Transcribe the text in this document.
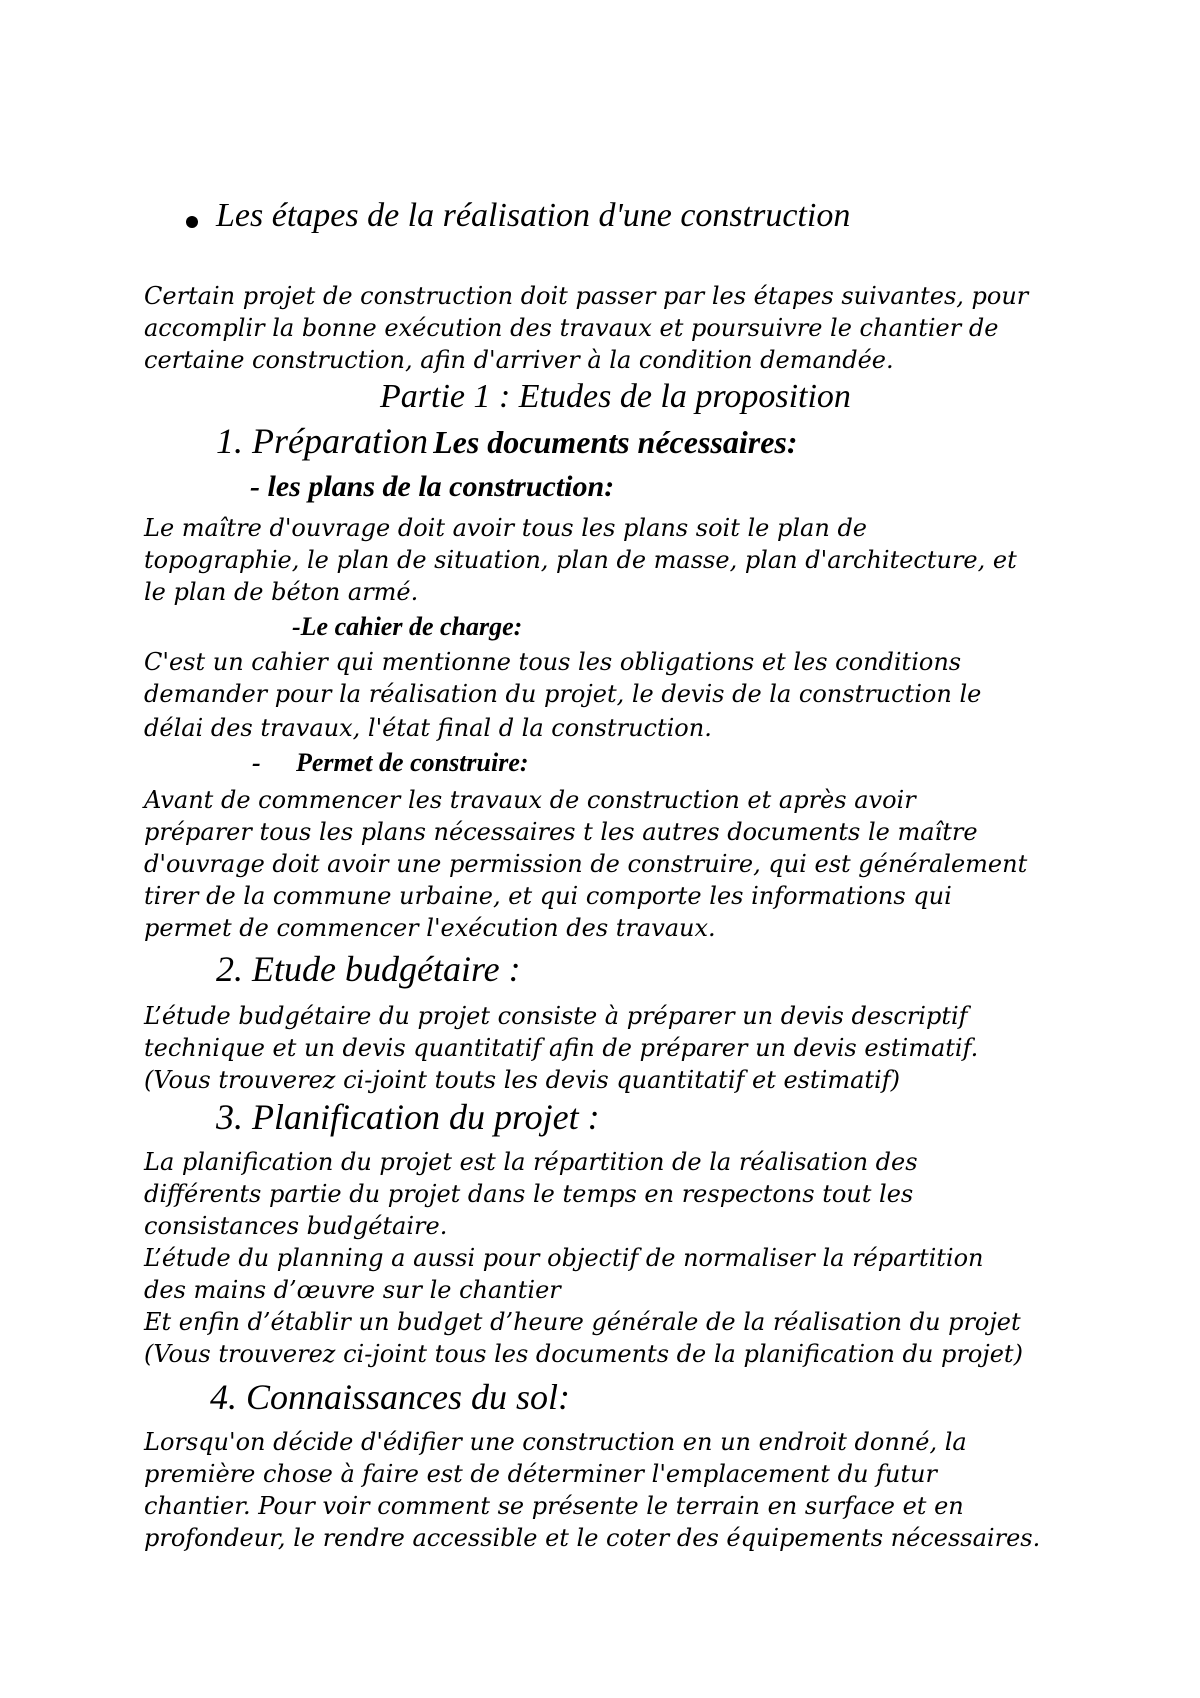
Les étapes de la réalisation d'une construction
Certain projet de construction doit passer par les étapes suivantes, pour
accomplir la bonne exécution des travaux et poursuivre le chantier de
certaine construction, afin d'arriver à la condition demandée.
Partie 1 : Etudes de la proposition
1. Préparation Les documents nécessaires:
- les plans de la construction:
Le maître d'ouvrage doit avoir tous les plans soit le plan de
topographie, le plan de situation, plan de masse, plan d'architecture, et
le plan de béton armé.
-Le cahier de charge:
C'est un cahier qui mentionne tous les obligations et les conditions
demander pour la réalisation du projet, le devis de la construction le
délai des travaux, l'état final d la construction.
- Permet de construire:
Avant de commencer les travaux de construction et après avoir
préparer tous les plans nécessaires t les autres documents le maître
d'ouvrage doit avoir une permission de construire, qui est généralement
tirer de la commune urbaine, et qui comporte les informations qui
permet de commencer l'exécution des travaux.
2. Etude budgétaire :
L’étude budgétaire du projet consiste à préparer un devis descriptif
technique et un devis quantitatif afin de préparer un devis estimatif.
(Vous trouverez ci-joint touts les devis quantitatif et estimatif)
3. Planification du projet :
La planification du projet est la répartition de la réalisation des
différents partie du projet dans le temps en respectons tout les
consistances budgétaire.
L’étude du planning a aussi pour objectif de normaliser la répartition
des mains d’œuvre sur le chantier
Et enfin d’établir un budget d’heure générale de la réalisation du projet
(Vous trouverez ci-joint tous les documents de la planification du projet)
4. Connaissances du sol:
Lorsqu'on décide d'édifier une construction en un endroit donné, la
première chose à faire est de déterminer l'emplacement du futur
chantier. Pour voir comment se présente le terrain en surface et en
profondeur, le rendre accessible et le coter des équipements nécessaires.
